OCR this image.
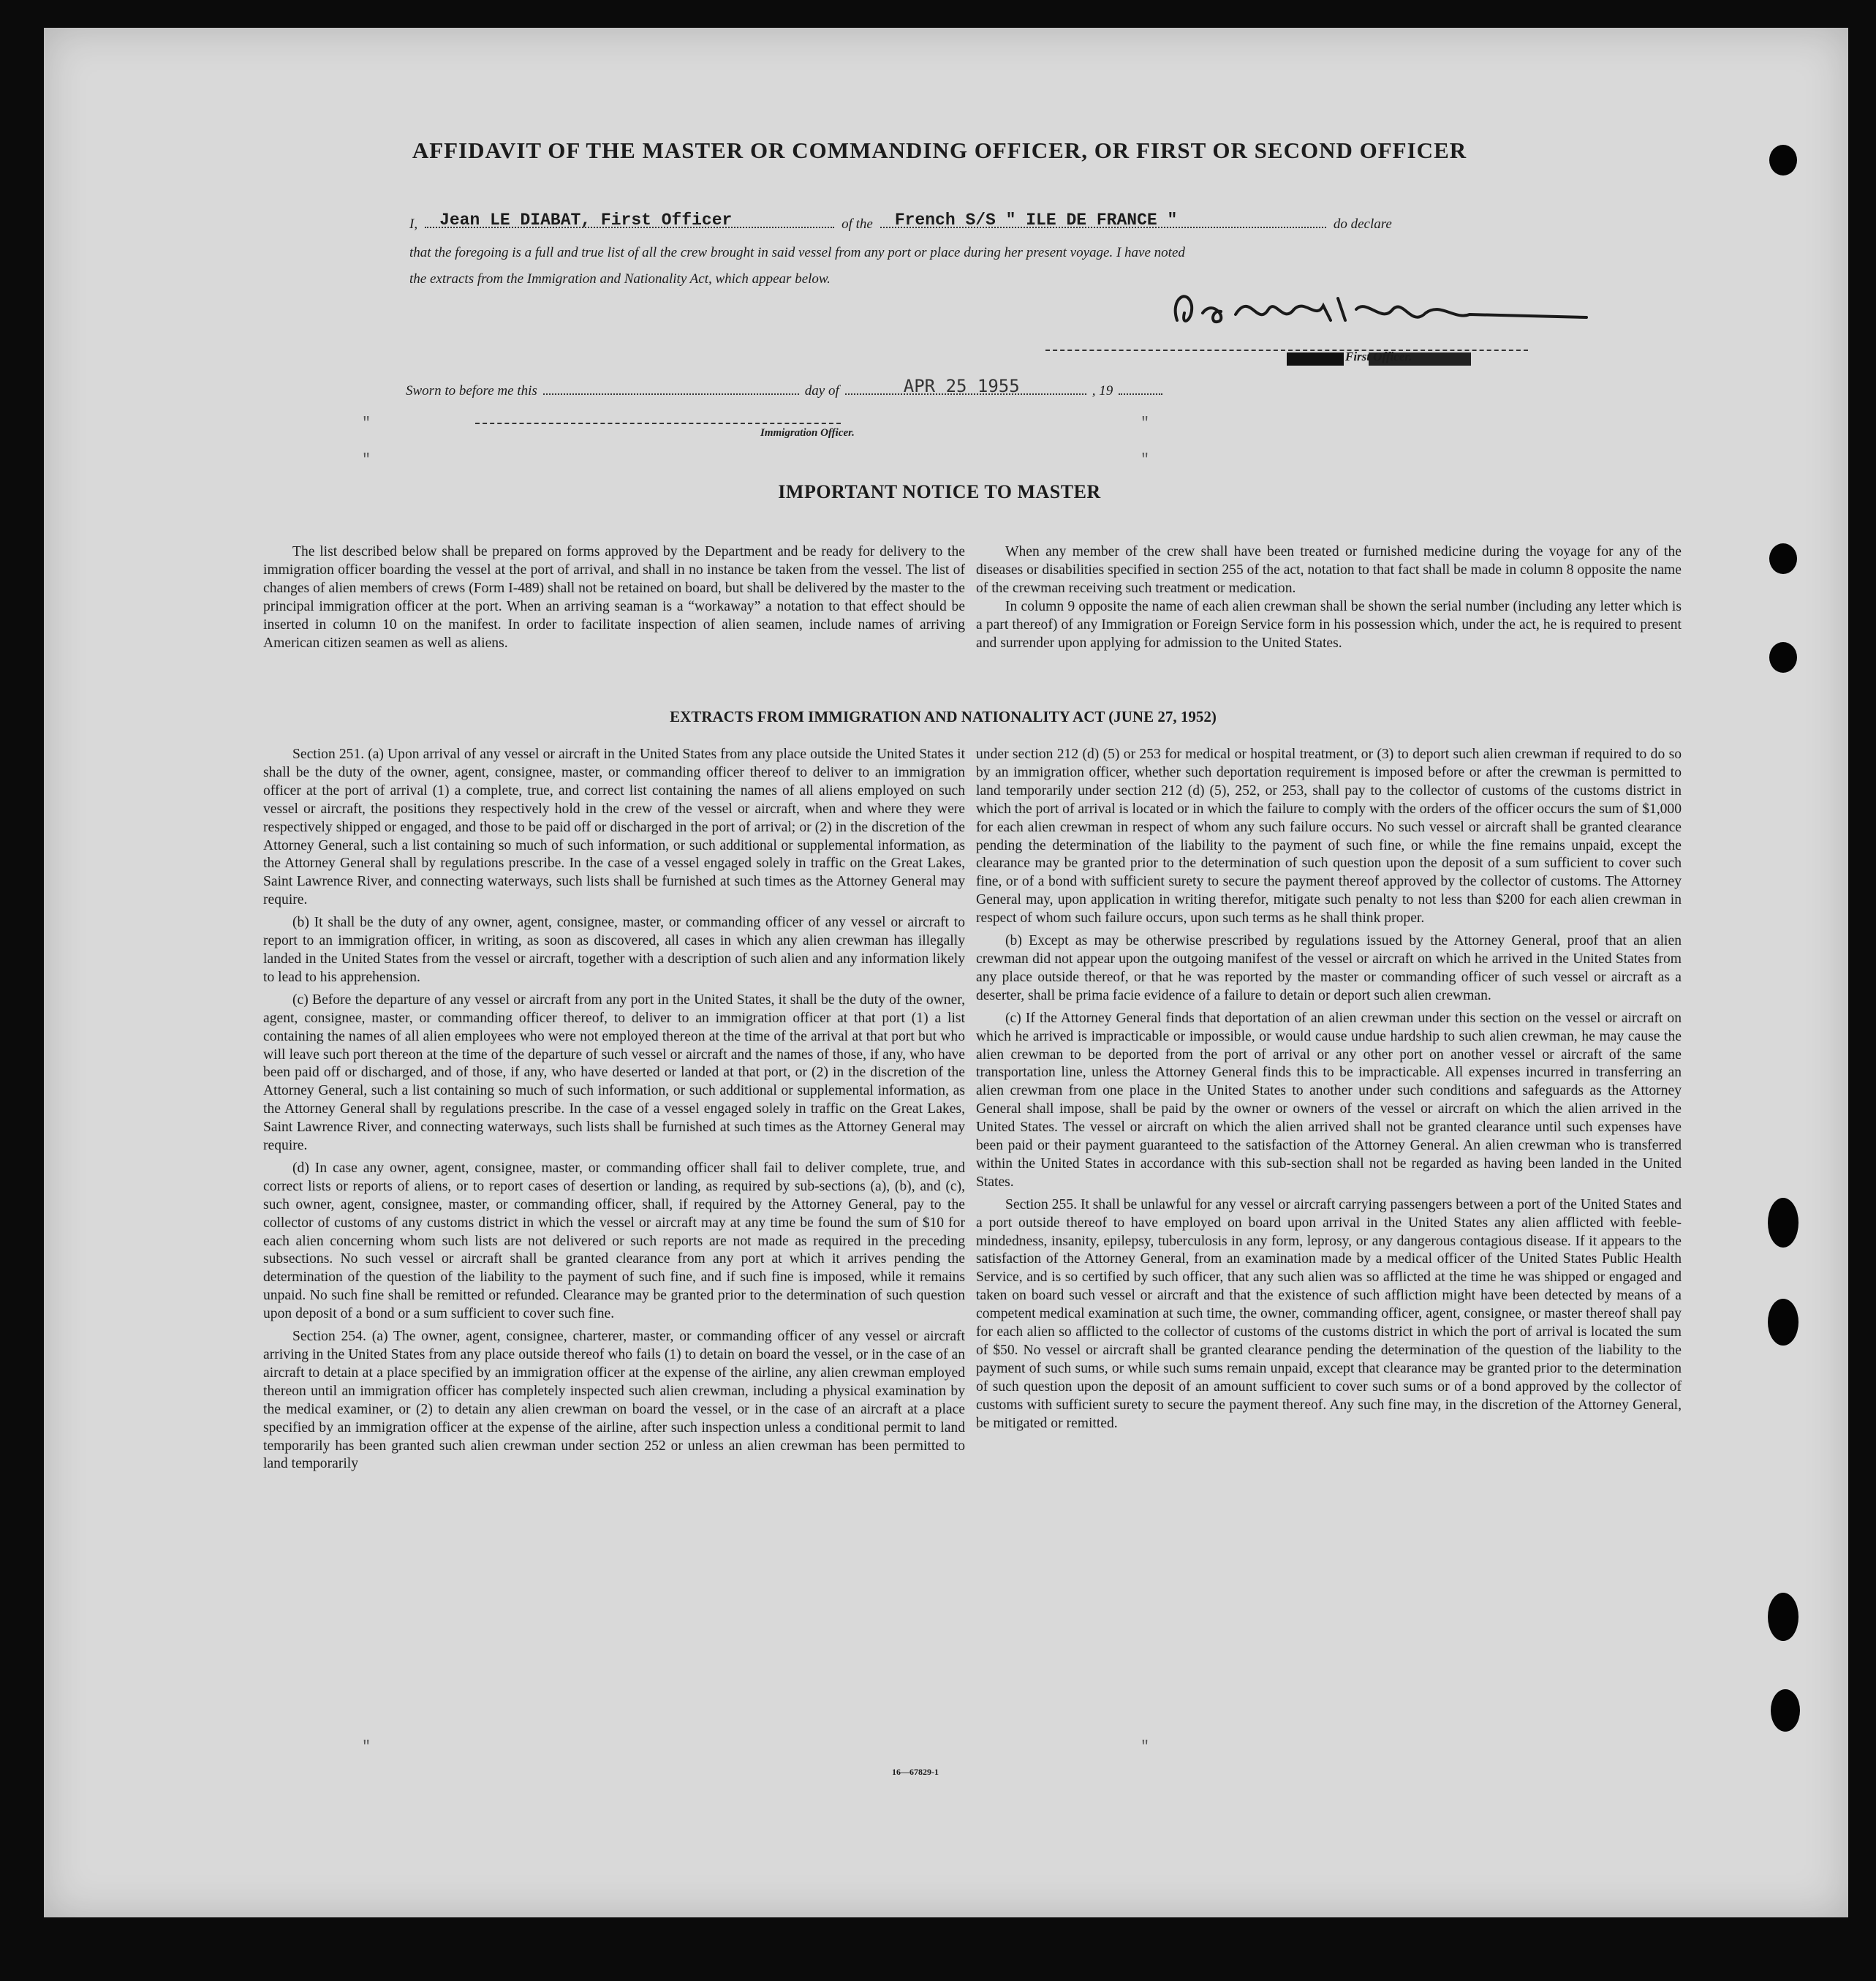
AFFIDAVIT OF THE MASTER OR COMMANDING OFFICER, OR FIRST OR SECOND OFFICER
I, Jean LE DIABAT, First Officer	of the French S/S " ILE DE FRANCE "	do declare
that the foregoing is a full and true list of all the crew brought in said vessel from any port or place during her present voyage. I have noted
the extracts from the Immigration and Nationality Act, which appear below.
First Officer.
Sworn to before me this	day of	APR 25 1955	, 19
Immigration Officer.
"	"
"	"
"	"
IMPORTANT NOTICE TO MASTER

The list described below shall be prepared on forms approved by the Department and be ready for delivery to the immigration officer boarding the vessel at the port of arrival, and shall in no instance be taken from the vessel. The list of changes of alien members of crews (Form I-489) shall not be retained on board, but shall be delivered by the master to the principal immigration officer at the port. When an arriving seaman is a “workaway” a notation to that effect should be inserted in column 10 on the manifest. In order to facilitate inspection of alien seamen, include names of arriving American citizen seamen as well as aliens.

When any member of the crew shall have been treated or furnished medicine during the voyage for any of the diseases or disabilities specified in section 255 of the act, notation to that fact shall be made in column 8 opposite the name of the crewman receiving such treatment or medication.

In column 9 opposite the name of each alien crewman shall be shown the serial number (including any letter which is a part thereof) of any Immigration or Foreign Service form in his possession which, under the act, he is required to present and surrender upon applying for admission to the United States.

EXTRACTS FROM IMMIGRATION AND NATIONALITY ACT (JUNE 27, 1952)

Section 251. (a) Upon arrival of any vessel or aircraft in the United States from any place outside the United States it shall be the duty of the owner, agent, consignee, master, or commanding officer thereof to deliver to an immigration officer at the port of arrival (1) a complete, true, and correct list containing the names of all aliens employed on such vessel or aircraft, the positions they respectively hold in the crew of the vessel or aircraft, when and where they were respectively shipped or engaged, and those to be paid off or discharged in the port of arrival; or (2) in the discretion of the Attorney General, such a list containing so much of such information, or such additional or supplemental information, as the Attorney General shall by regulations prescribe. In the case of a vessel engaged solely in traffic on the Great Lakes, Saint Lawrence River, and connecting waterways, such lists shall be furnished at such times as the Attorney General may require.

(b) It shall be the duty of any owner, agent, consignee, master, or commanding officer of any vessel or aircraft to report to an immigration officer, in writing, as soon as discovered, all cases in which any alien crewman has illegally landed in the United States from the vessel or aircraft, together with a description of such alien and any information likely to lead to his apprehension.

(c) Before the departure of any vessel or aircraft from any port in the United States, it shall be the duty of the owner, agent, consignee, master, or commanding officer thereof, to deliver to an immigration officer at that port (1) a list containing the names of all alien employees who were not employed thereon at the time of the arrival at that port but who will leave such port thereon at the time of the departure of such vessel or aircraft and the names of those, if any, who have been paid off or discharged, and of those, if any, who have deserted or landed at that port, or (2) in the discretion of the Attorney General, such a list containing so much of such information, or such additional or supplemental information, as the Attorney General shall by regulations prescribe. In the case of a vessel engaged solely in traffic on the Great Lakes, Saint Lawrence River, and connecting waterways, such lists shall be furnished at such times as the Attorney General may require.

(d) In case any owner, agent, consignee, master, or commanding officer shall fail to deliver complete, true, and correct lists or reports of aliens, or to report cases of desertion or landing, as required by sub-sections (a), (b), and (c), such owner, agent, consignee, master, or commanding officer, shall, if required by the Attorney General, pay to the collector of customs of any customs district in which the vessel or aircraft may at any time be found the sum of $10 for each alien concerning whom such lists are not delivered or such reports are not made as required in the preceding subsections. No such vessel or aircraft shall be granted clearance from any port at which it arrives pending the determination of the question of the liability to the payment of such fine, and if such fine is imposed, while it remains unpaid. No such fine shall be remitted or refunded. Clearance may be granted prior to the determination of such question upon deposit of a bond or a sum sufficient to cover such fine.

Section 254. (a) The owner, agent, consignee, charterer, master, or commanding officer of any vessel or aircraft arriving in the United States from any place outside thereof who fails (1) to detain on board the vessel, or in the case of an aircraft to detain at a place specified by an immigration officer at the expense of the airline, any alien crewman employed thereon until an immigration officer has completely inspected such alien crewman, including a physical examination by the medical examiner, or (2) to detain any alien crewman on board the vessel, or in the case of an aircraft at a place specified by an immigration officer at the expense of the airline, after such inspection unless a conditional permit to land temporarily has been granted such alien crewman under section 252 or unless an alien crewman has been permitted to land temporarily

under section 212 (d) (5) or 253 for medical or hospital treatment, or (3) to deport such alien crewman if required to do so by an immigration officer, whether such deportation requirement is imposed before or after the crewman is permitted to land temporarily under section 212 (d) (5), 252, or 253, shall pay to the collector of customs of the customs district in which the port of arrival is located or in which the failure to comply with the orders of the officer occurs the sum of $1,000 for each alien crewman in respect of whom any such failure occurs. No such vessel or aircraft shall be granted clearance pending the determination of the liability to the payment of such fine, or while the fine remains unpaid, except the clearance may be granted prior to the determination of such question upon the deposit of a sum sufficient to cover such fine, or of a bond with sufficient surety to secure the payment thereof approved by the collector of customs. The Attorney General may, upon application in writing therefor, mitigate such penalty to not less than $200 for each alien crewman in respect of whom such failure occurs, upon such terms as he shall think proper.

(b) Except as may be otherwise prescribed by regulations issued by the Attorney General, proof that an alien crewman did not appear upon the outgoing manifest of the vessel or aircraft on which he arrived in the United States from any place outside thereof, or that he was reported by the master or commanding officer of such vessel or aircraft as a deserter, shall be prima facie evidence of a failure to detain or deport such alien crewman.

(c) If the Attorney General finds that deportation of an alien crewman under this section on the vessel or aircraft on which he arrived is impracticable or impossible, or would cause undue hardship to such alien crewman, he may cause the alien crewman to be deported from the port of arrival or any other port on another vessel or aircraft of the same transportation line, unless the Attorney General finds this to be impracticable. All expenses incurred in transferring an alien crewman from one place in the United States to another under such conditions and safeguards as the Attorney General shall impose, shall be paid by the owner or owners of the vessel or aircraft on which the alien arrived in the United States. The vessel or aircraft on which the alien arrived shall not be granted clearance until such expenses have been paid or their payment guaranteed to the satisfaction of the Attorney General. An alien crewman who is transferred within the United States in accordance with this sub-section shall not be regarded as having been landed in the United States.

Section 255. It shall be unlawful for any vessel or aircraft carrying passengers between a port of the United States and a port outside thereof to have employed on board upon arrival in the United States any alien afflicted with feeble-mindedness, insanity, epilepsy, tuberculosis in any form, leprosy, or any dangerous contagious disease. If it appears to the satisfaction of the Attorney General, from an examination made by a medical officer of the United States Public Health Service, and is so certified by such officer, that any such alien was so afflicted at the time he was shipped or engaged and taken on board such vessel or aircraft and that the existence of such affliction might have been detected by means of a competent medical examination at such time, the owner, commanding officer, agent, consignee, or master thereof shall pay for each alien so afflicted to the collector of customs of the customs district in which the port of arrival is located the sum of $50. No vessel or aircraft shall be granted clearance pending the determination of the question of the liability to the payment of such sums, or while such sums remain unpaid, except that clearance may be granted prior to the determination of such question upon the deposit of an amount sufficient to cover such sums or of a bond approved by the collector of customs with sufficient surety to secure the payment thereof. Any such fine may, in the discretion of the Attorney General, be mitigated or remitted.

16—67829-1
